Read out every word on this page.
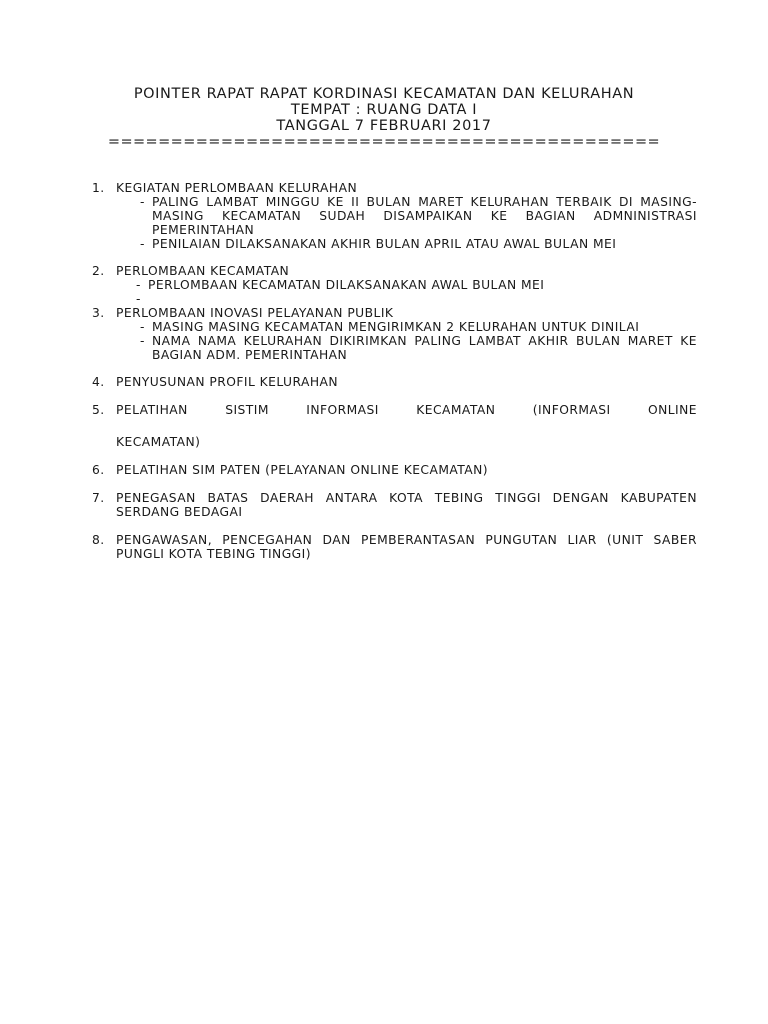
POINTER RAPAT RAPAT KORDINASI KECAMATAN DAN KELURAHAN
TEMPAT : RUANG DATA I
TANGGAL 7 FEBRUARI 2017
============================================
1. KEGIATAN PERLOMBAAN KELURAHAN
- PALING LAMBAT MINGGU KE II BULAN MARET KELURAHAN TERBAIK DI MASING-MASING KECAMATAN SUDAH DISAMPAIKAN KE BAGIAN ADMNINISTRASI PEMERINTAHAN
- PENILAIAN DILAKSANAKAN AKHIR BULAN APRIL ATAU AWAL BULAN MEI
2. PERLOMBAAN KECAMATAN
- PERLOMBAAN KECAMATAN DILAKSANAKAN AWAL BULAN MEI
-
3. PERLOMBAAN INOVASI PELAYANAN PUBLIK
- MASING MASING KECAMATAN MENGIRIMKAN 2 KELURAHAN UNTUK DINILAI
- NAMA NAMA KELURAHAN DIKIRIMKAN PALING LAMBAT AKHIR BULAN MARET KE BAGIAN ADM. PEMERINTAHAN
4. PENYUSUNAN PROFIL KELURAHAN
5. PELATIHAN SISTIM INFORMASI KECAMATAN (INFORMASI ONLINE
KECAMATAN)
6. PELATIHAN SIM PATEN (PELAYANAN ONLINE KECAMATAN)
7. PENEGASAN BATAS DAERAH ANTARA KOTA TEBING TINGGI DENGAN KABUPATEN SERDANG BEDAGAI
8. PENGAWASAN, PENCEGAHAN DAN PEMBERANTASAN PUNGUTAN LIAR (UNIT SABER PUNGLI KOTA TEBING TINGGI)
